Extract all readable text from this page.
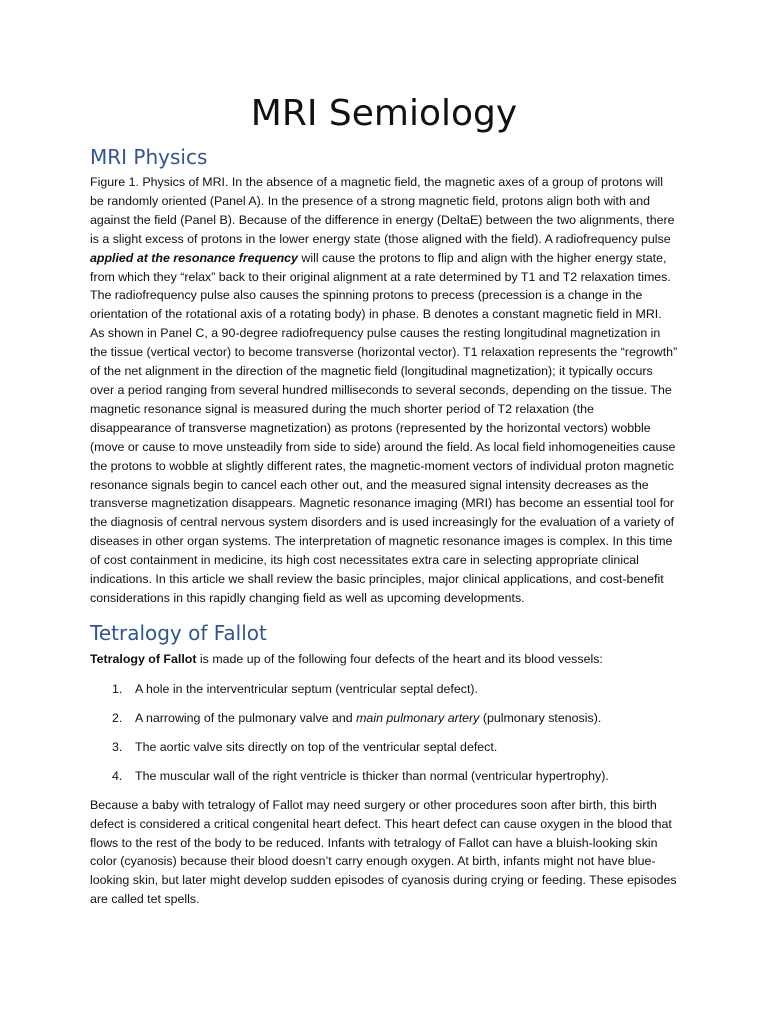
MRI Semiology
MRI Physics

Figure 1. Physics of MRI. In the absence of a magnetic field, the magnetic axes of a group of protons will be randomly oriented (Panel A). In the presence of a strong magnetic field, protons align both with and against the field (Panel B). Because of the difference in energy (DeltaE) between the two alignments, there is a slight excess of protons in the lower energy state (those aligned with the field). A radiofrequency pulse applied at the resonance frequency will cause the protons to flip and align with the higher energy state, from which they “relax” back to their original alignment at a rate determined by T1 and T2 relaxation times. The radiofrequency pulse also causes the spinning protons to precess (precession is a change in the orientation of the rotational axis of a rotating body) in phase. B denotes a constant magnetic field in MRI. As shown in Panel C, a 90-degree radiofrequency pulse causes the resting longitudinal magnetization in the tissue (vertical vector) to become transverse (horizontal vector). T1 relaxation represents the “regrowth” of the net alignment in the direction of the magnetic field (longitudinal magnetization); it typically occurs over a period ranging from several hundred milliseconds to several seconds, depending on the tissue. The magnetic resonance signal is measured during the much shorter period of T2 relaxation (the disappearance of transverse magnetization) as protons (represented by the horizontal vectors) wobble (move or cause to move unsteadily from side to side) around the field. As local field inhomogeneities cause the protons to wobble at slightly different rates, the magnetic-moment vectors of individual proton magnetic resonance signals begin to cancel each other out, and the measured signal intensity decreases as the transverse magnetization disappears. Magnetic resonance imaging (MRI) has become an essential tool for the diagnosis of central nervous system disorders and is used increasingly for the evaluation of a variety of diseases in other organ systems. The interpretation of magnetic resonance images is complex. In this time of cost containment in medicine, its high cost necessitates extra care in selecting appropriate clinical indications. In this article we shall review the basic principles, major clinical applications, and cost-benefit considerations in this rapidly changing field as well as upcoming developments.

Tetralogy of Fallot

Tetralogy of Fallot is made up of the following four defects of the heart and its blood vessels:

1.	A hole in the interventricular septum (ventricular septal defect).
2.	A narrowing of the pulmonary valve and main pulmonary artery (pulmonary stenosis).
3.	The aortic valve sits directly on top of the ventricular septal defect.
4.	The muscular wall of the right ventricle is thicker than normal (ventricular hypertrophy).

Because a baby with tetralogy of Fallot may need surgery or other procedures soon after birth, this birth defect is considered a critical congenital heart defect. This heart defect can cause oxygen in the blood that flows to the rest of the body to be reduced. Infants with tetralogy of Fallot can have a bluish-looking skin color (cyanosis) because their blood doesn’t carry enough oxygen. At birth, infants might not have blue-looking skin, but later might develop sudden episodes of cyanosis during crying or feeding. These episodes are called tet spells.
